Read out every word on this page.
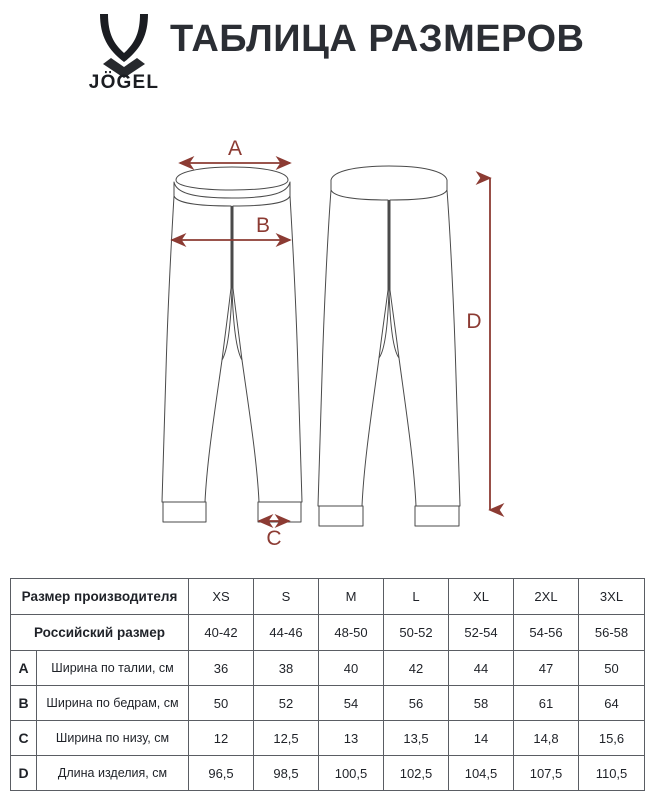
JÖGEL
ТАБЛИЦА РАЗМЕРОВ
A
B
C
D
Размер производителя		XS	S	M	L	XL	2XL	3XL
Российский размер		40-42	44-46	48-50	50-52	52-54	54-56	56-58
A	Ширина по талии, см	36	38	40	42	44	47	50
B	Ширина по бедрам, см	50	52	54	56	58	61	64
C	Ширина по низу, см	12	12,5	13	13,5	14	14,8	15,6
D	Длина изделия, см	96,5	98,5	100,5	102,5	104,5	107,5	110,5
